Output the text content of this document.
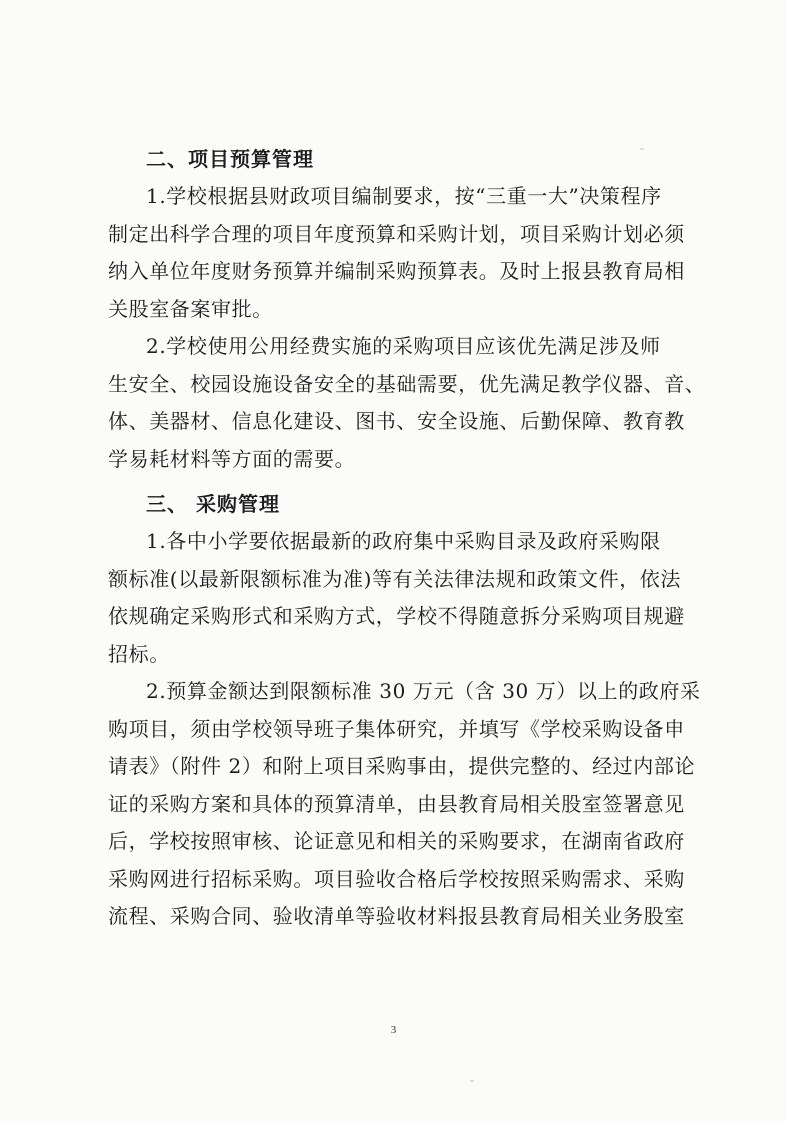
二、项目预算管理

1.学校根据县财政项目编制要求，按“三重一大”决策程序
制定出科学合理的项目年度预算和采购计划，项目采购计划必须
纳入单位年度财务预算并编制采购预算表。及时上报县教育局相
关股室备案审批。

2.学校使用公用经费实施的采购项目应该优先满足涉及师
生安全、校园设施设备安全的基础需要，优先满足教学仪器、音、
体、美器材、信息化建设、图书、安全设施、后勤保障、教育教
学易耗材料等方面的需要。

三、 采购管理

1.各中小学要依据最新的政府集中采购目录及政府采购限
额标准(以最新限额标准为准)等有关法律法规和政策文件，依法
依规确定采购形式和采购方式，学校不得随意拆分采购项目规避
招标。

2.预算金额达到限额标准 30 万元（含 30 万）以上的政府采
购项目，须由学校领导班子集体研究，并填写《学校采购设备申
请表》（附件 2）和附上项目采购事由，提供完整的、经过内部论
证的采购方案和具体的预算清单，由县教育局相关股室签署意见
后，学校按照审核、论证意见和相关的采购要求，在湖南省政府
采购网进行招标采购。项目验收合格后学校按照采购需求、采购
流程、采购合同、验收清单等验收材料报县教育局相关业务股室

3
